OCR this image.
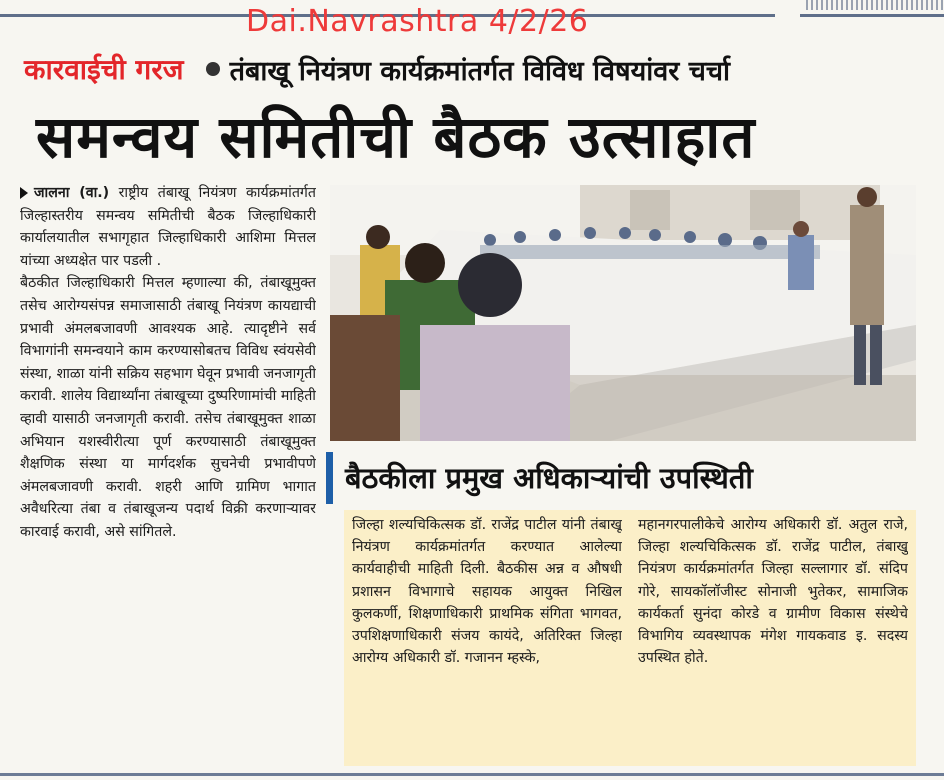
Dai.Navrashtra 4/2/26
कारवाईची गरज तंबाखू नियंत्रण कार्यक्रमांतर्गत विविध विषयांवर चर्चा
समन्वय समितीची बैठक उत्साहात

जालना (वा.) राष्ट्रीय तंबाखू नियंत्रण कार्यक्रमांतर्गत जिल्हास्तरीय समन्वय समितीची बैठक जिल्हाधिकारी कार्यालयातील सभागृहात जिल्हाधिकारी आशिमा मित्तल यांच्या अध्यक्षेत पार पडली .

बैठकीत जिल्हाधिकारी मित्तल म्हणाल्या की, तंबाखूमुक्त तसेच आरोग्यसंपन्न समाजासाठी तंबाखू नियंत्रण कायद्याची प्रभावी अंमलबजावणी आवश्यक आहे. त्यादृष्टीने सर्व विभागांनी समन्वयाने काम करण्यासोबतच विविध स्वंयसेवी संस्था, शाळा यांनी सक्रिय सहभाग घेवून प्रभावी जनजागृती करावी. शालेय विद्यार्थ्यांना तंबाखूच्या दुष्परिणामांची माहिती व्हावी यासाठी जनजागृती करावी. तसेच तंबाखूमुक्त शाळा अभियान यशस्वीरीत्या पूर्ण करण्यासाठी तंबाखूमुक्त शैक्षणिक संस्था या मार्गदर्शक सुचनेची प्रभावीपणे अंमलबजावणी करावी. शहरी आणि ग्रामिण भागात अवैधरित्या तंबा व तंबाखूजन्य पदार्थ विक्री करणाऱ्यावर कारवाई करावी, असे सांगितले.

बैठकीला प्रमुख अधिकाऱ्यांची उपस्थिती
जिल्हा शल्यचिकित्सक डॉ. राजेंद्र पाटील यांनी तंबाखू नियंत्रण कार्यक्रमांतर्गत करण्यात आलेल्या कार्यवाहीची माहिती दिली. बैठकीस अन्न व औषधी प्रशासन विभागाचे सहायक आयुक्त निखिल कुलकर्णी, शिक्षणाधिकारी प्राथमिक संगिता भागवत, उपशिक्षणाधिकारी संजय कायंदे, अतिरिक्त जिल्हा आरोग्य अधिकारी डॉ. गजानन म्हस्के,
महानगरपालीकेचे आरोग्य अधिकारी डॉ. अतुल राजे, जिल्हा शल्यचिकित्सक डॉ. राजेंद्र पाटील, तंबाखु नियंत्रण कार्यक्रमांतर्गत जिल्हा सल्लागार डॉ. संदिप गोरे, सायकॉलॉजीस्ट सोनाजी भुतेकर, सामाजिक कार्यकर्ता सुनंदा कोरडे व ग्रामीण विकास संस्थेचे विभागिय व्यवस्थापक मंगेश गायकवाड इ. सदस्य उपस्थित होते.
